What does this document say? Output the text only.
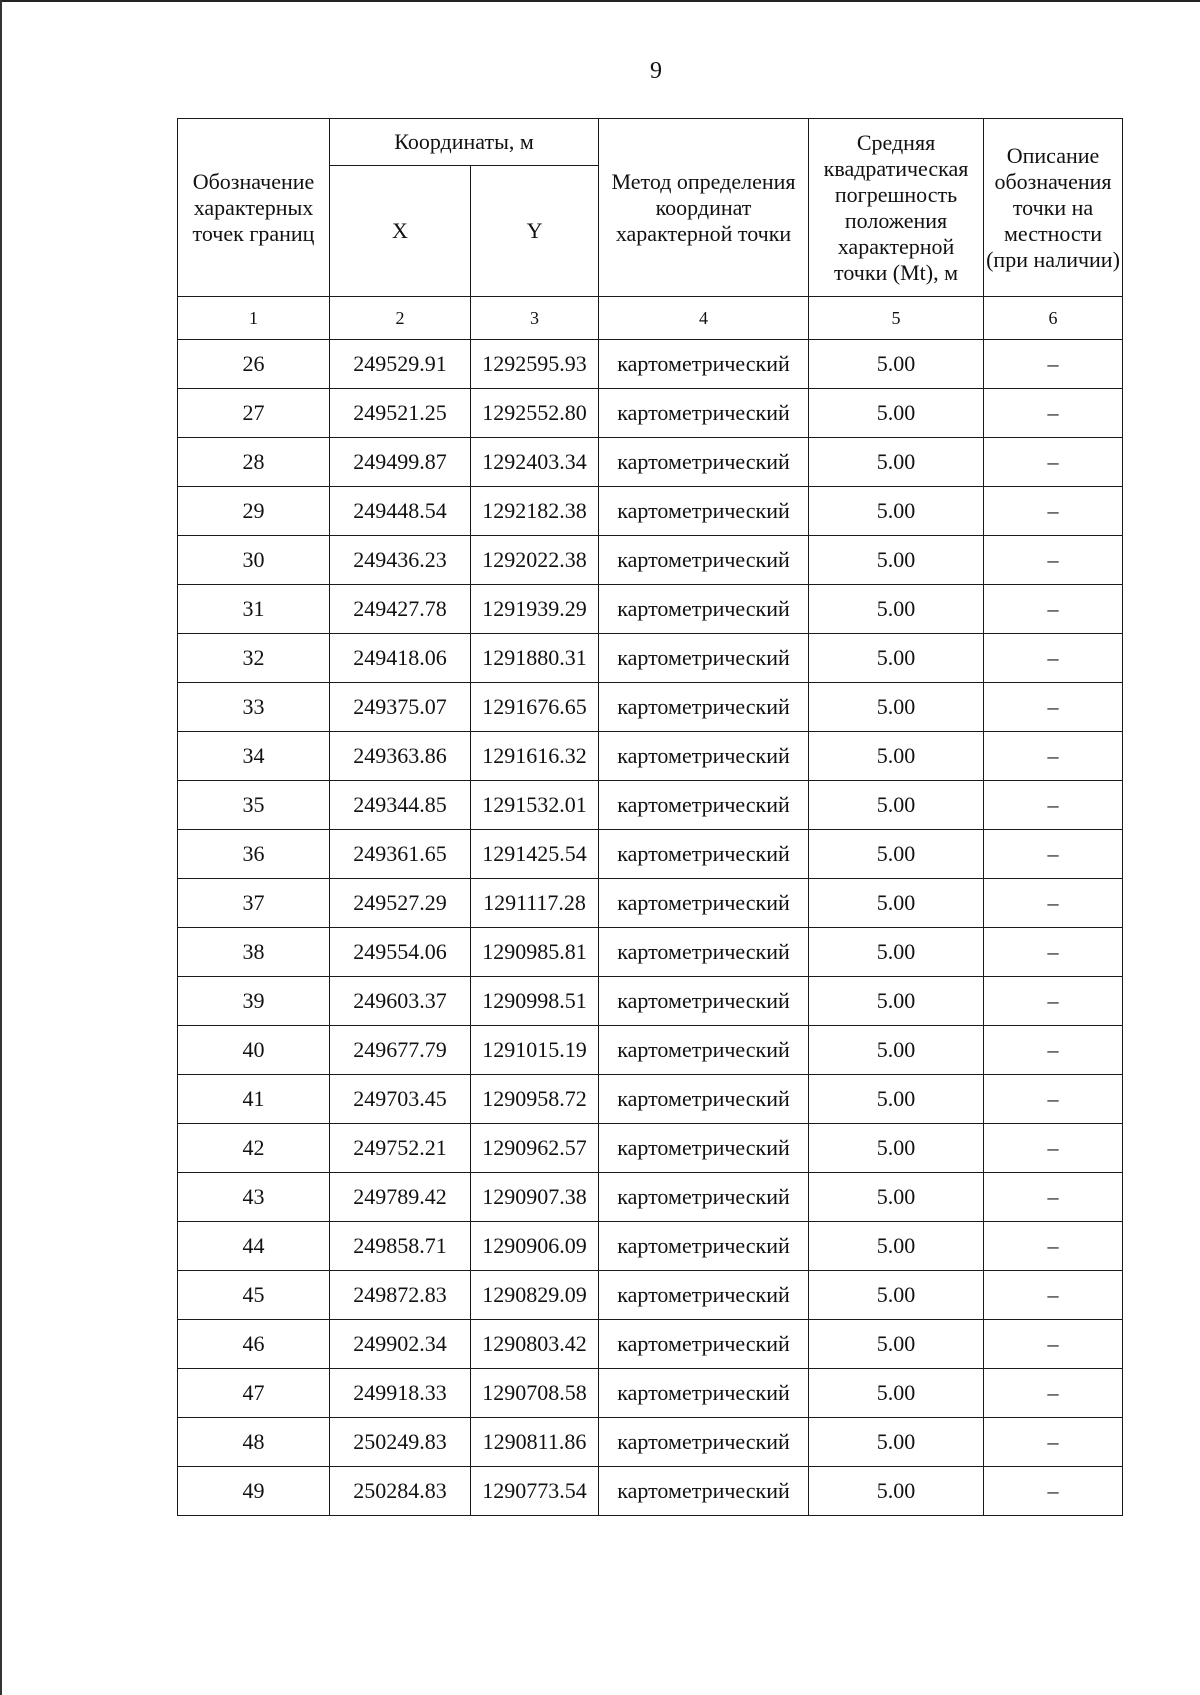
9
Обозначение характерных точек границ	Координаты, м		Метод определения координат характерной точки	Средняя квадратическая погрешность положения характерной точки (Mt), м	Описание обозначения точки на местности (при наличии)
	X	Y			
1	2	3	4	5	6
26	249529.91	1292595.93	картометрический	5.00	–
27	249521.25	1292552.80	картометрический	5.00	–
28	249499.87	1292403.34	картометрический	5.00	–
29	249448.54	1292182.38	картометрический	5.00	–
30	249436.23	1292022.38	картометрический	5.00	–
31	249427.78	1291939.29	картометрический	5.00	–
32	249418.06	1291880.31	картометрический	5.00	–
33	249375.07	1291676.65	картометрический	5.00	–
34	249363.86	1291616.32	картометрический	5.00	–
35	249344.85	1291532.01	картометрический	5.00	–
36	249361.65	1291425.54	картометрический	5.00	–
37	249527.29	1291117.28	картометрический	5.00	–
38	249554.06	1290985.81	картометрический	5.00	–
39	249603.37	1290998.51	картометрический	5.00	–
40	249677.79	1291015.19	картометрический	5.00	–
41	249703.45	1290958.72	картометрический	5.00	–
42	249752.21	1290962.57	картометрический	5.00	–
43	249789.42	1290907.38	картометрический	5.00	–
44	249858.71	1290906.09	картометрический	5.00	–
45	249872.83	1290829.09	картометрический	5.00	–
46	249902.34	1290803.42	картометрический	5.00	–
47	249918.33	1290708.58	картометрический	5.00	–
48	250249.83	1290811.86	картометрический	5.00	–
49	250284.83	1290773.54	картометрический	5.00	–
